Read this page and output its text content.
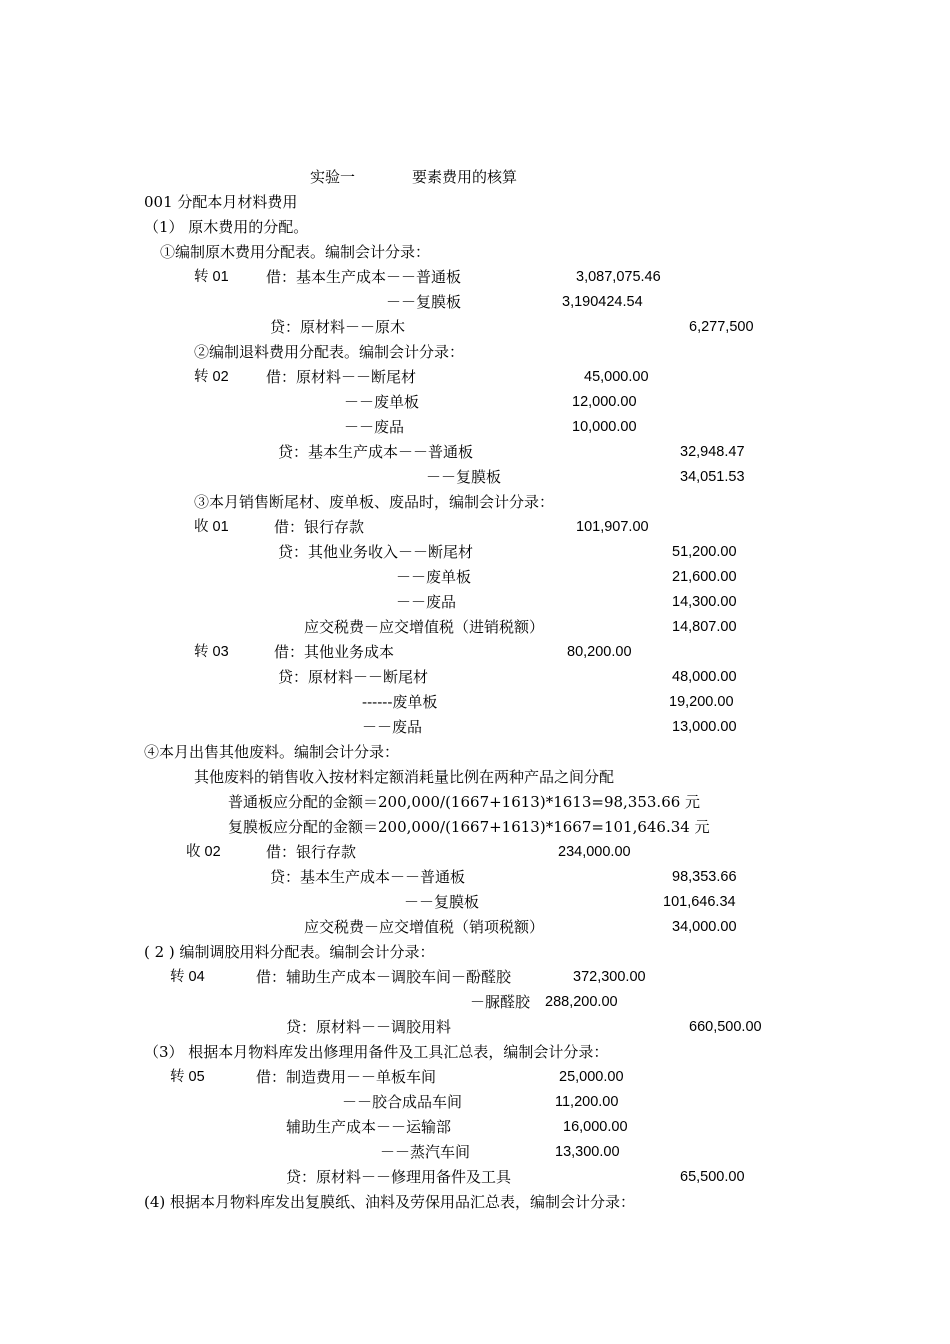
实验一	要素费用的核算
001 分配本月材料费用
（1） 原木费用的分配。
①编制原木费用分配表。编制会计分录：
转 01 借：基本生产成本－－普通板	3,087,075.46
－－复膜板	3,190424.54
贷：原材料－－原木	6,277,500
②编制退料费用分配表。编制会计分录：
转 02 借：原材料－－断尾材	45,000.00
－－废单板	12,000.00
－－废品	10,000.00
贷：基本生产成本－－普通板	32,948.47
－－复膜板	34,051.53
③本月销售断尾材、废单板、废品时，编制会计分录：
收 01	借：银行存款	101,907.00
贷：其他业务收入－－断尾材	51,200.00
－－废单板	21,600.00
－－废品	14,300.00
应交税费－应交增值税（进销税额）	14,807.00
转 03	借：其他业务成本	80,200.00
贷：原材料－－断尾材	48,000.00
------废单板	19,200.00
－－废品	13,000.00
④本月出售其他废料。编制会计分录：
其他废料的销售收入按材料定额消耗量比例在两种产品之间分配
普通板应分配的金额＝200,000/(1667+1613)*1613=98,353.66 元
复膜板应分配的金额＝200,000/(1667+1613)*1667=101,646.34 元
收 02	借：银行存款	234,000.00
贷：基本生产成本－－普通板	98,353.66
－－复膜板	101,646.34
应交税费－应交增值税（销项税额）	34,000.00
( 2 ) 编制调胶用料分配表。编制会计分录：
转 04	借：辅助生产成本－调胶车间－酚醛胶	372,300.00
－脲醛胶 288,200.00
贷：原材料－－调胶用料	660,500.00
（3） 根据本月物料库发出修理用备件及工具汇总表，编制会计分录：
转 05	借：制造费用－－单板车间	25,000.00
－－胶合成品车间	11,200.00
辅助生产成本－－运输部	16,000.00
－－蒸汽车间	13,300.00
贷：原材料－－修理用备件及工具	65,500.00
(4) 根据本月物料库发出复膜纸、油料及劳保用品汇总表，编制会计分录：
